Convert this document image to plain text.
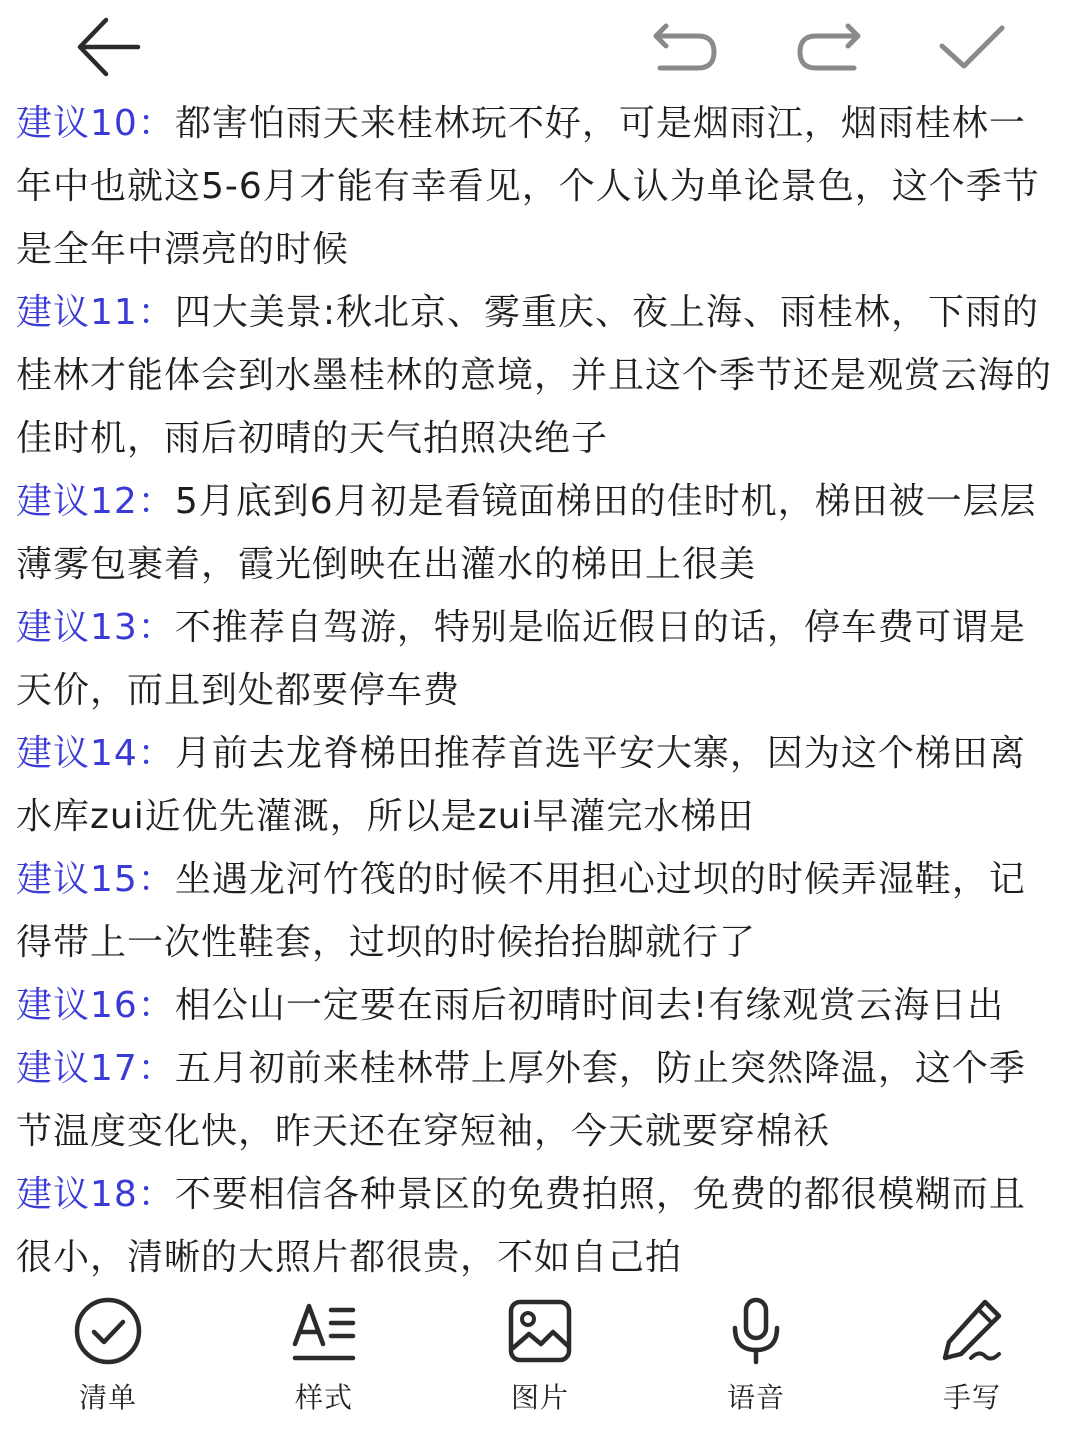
建议10：都害怕雨天来桂林玩不好，可是烟雨江，烟雨桂林一年中也就这5-6月才能有幸看见，个人认为单论景色，这个季节是全年中漂亮的时候

建议11：四大美景:秋北京、雾重庆、夜上海、雨桂林，下雨的桂林才能体会到水墨桂林的意境，并且这个季节还是观赏云海的佳时机，雨后初晴的天气拍照决绝子

建议12：5月底到6月初是看镜面梯田的佳时机，梯田被一层层薄雾包裹着，霞光倒映在出灌水的梯田上很美

建议13：不推荐自驾游，特别是临近假日的话，停车费可谓是天价，而且到处都要停车费

建议14：月前去龙脊梯田推荐首选平安大寨，因为这个梯田离水库zui近优先灌溉，所以是zui早灌完水梯田

建议15：坐遇龙河竹筏的时候不用担心过坝的时候弄湿鞋，记得带上一次性鞋套，过坝的时候抬抬脚就行了

建议16：相公山一定要在雨后初晴时间去!有缘观赏云海日出

建议17：五月初前来桂林带上厚外套，防止突然降温，这个季节温度变化快，昨天还在穿短袖，今天就要穿棉袄

建议18：不要相信各种景区的免费拍照，免费的都很模糊而且很小，清晰的大照片都很贵，不如自己拍

清单	样式	图片	语音	手写
